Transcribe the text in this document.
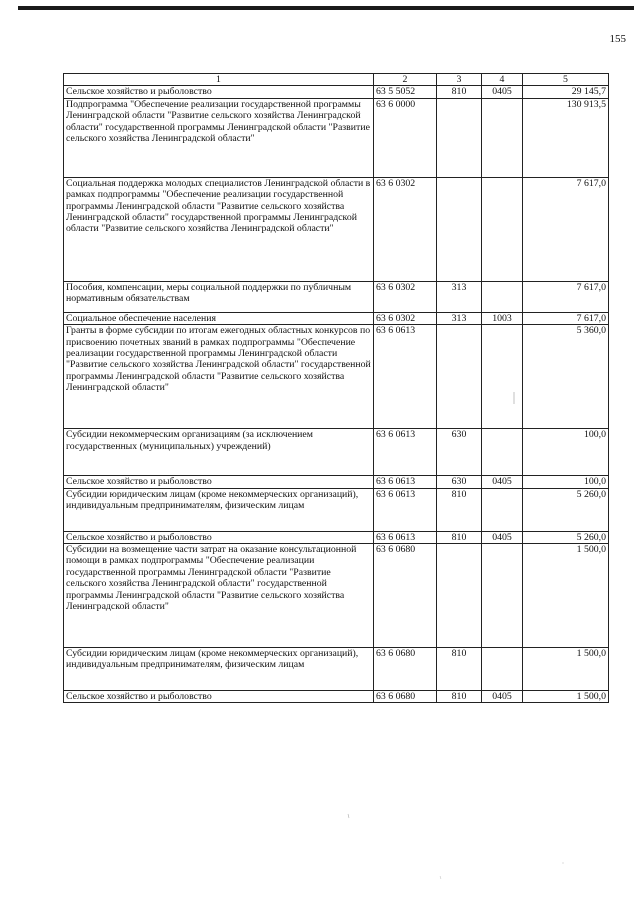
155
1	2	3	4	5
Сельское хозяйство и рыболовство	63 5 5052	810	0405	29 145,7
Подпрограмма "Обеспечение реализации государственной программы Ленинградской области "Развитие сельского хозяйства Ленинградской области" государственной программы Ленинградской области "Развитие сельского хозяйства Ленинградской области"	63 6 0000			130 913,5
Социальная поддержка молодых специалистов Ленинградской области в рамках подпрограммы "Обеспечение реализации государственной программы Ленинградской области "Развитие сельского хозяйства Ленинградской области" государственной программы Ленинградской области "Развитие сельского хозяйства Ленинградской области"	63 6 0302			7 617,0
Пособия, компенсации, меры социальной поддержки по публичным нормативным обязательствам	63 6 0302	313		7 617,0
Социальное обеспечение населения	63 6 0302	313	1003	7 617,0
Гранты в форме субсидии по итогам ежегодных областных конкурсов по присвоению почетных званий в рамках подпрограммы "Обеспечение реализации государственной программы Ленинградской области "Развитие сельского хозяйства Ленинградской области" государственной программы Ленинградской области "Развитие сельского хозяйства Ленинградской области"	63 6 0613			5 360,0
Субсидии некоммерческим организациям (за исключением государственных (муниципальных) учреждений)	63 6 0613	630		100,0
Сельское хозяйство и рыболовство	63 6 0613	630	0405	100,0
Субсидии юридическим лицам (кроме некоммерческих организаций), индивидуальным предпринимателям, физическим лицам	63 6 0613	810		5 260,0
Сельское хозяйство и рыболовство	63 6 0613	810	0405	5 260,0
Субсидии на возмещение части затрат на оказание консультационной помощи в рамках подпрограммы "Обеспечение реализации государственной программы Ленинградской области "Развитие сельского хозяйства Ленинградской области" государственной программы Ленинградской области "Развитие сельского хозяйства Ленинградской области"	63 6 0680			1 500,0
Субсидии юридическим лицам (кроме некоммерческих организаций), индивидуальным предпринимателям, физическим лицам	63 6 0680	810		1 500,0
Сельское хозяйство и рыболовство	63 6 0680	810	0405	1 500,0
